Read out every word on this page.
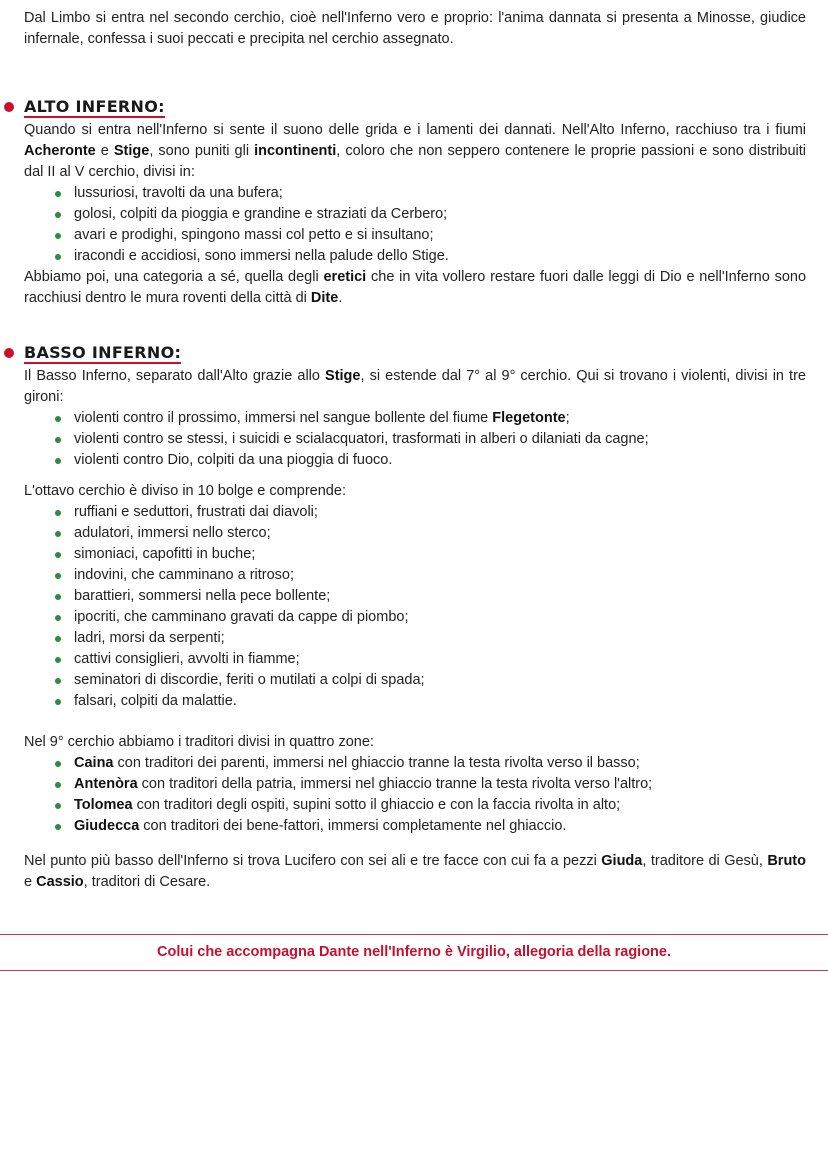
Dal Limbo si entra nel secondo cerchio, cioè nell'Inferno vero e proprio: l'anima dannata si presenta a Minosse, giudice infernale, confessa i suoi peccati e precipita nel cerchio assegnato.

ALTO INFERNO:

Quando si entra nell'Inferno si sente il suono delle grida e i lamenti dei dannati. Nell'Alto Inferno, racchiuso tra i fiumi Acheronte e Stige, sono puniti gli incontinenti, coloro che non seppero contenere le proprie passioni e sono distribuiti dal II al V cerchio, divisi in:

lussuriosi, travolti da una bufera;
golosi, colpiti da pioggia e grandine e straziati da Cerbero;
avari e prodighi, spingono massi col petto e si insultano;
iracondi e accidiosi, sono immersi nella palude dello Stige.

Abbiamo poi, una categoria a sé, quella degli eretici che in vita vollero restare fuori dalle leggi di Dio e nell'Inferno sono racchiusi dentro le mura roventi della città di Dite.

BASSO INFERNO:

Il Basso Inferno, separato dall'Alto grazie allo Stige, si estende dal 7° al 9° cerchio. Qui si trovano i violenti, divisi in tre gironi:

violenti contro il prossimo, immersi nel sangue bollente del fiume Flegetonte;
violenti contro se stessi, i suicidi e scialacquatori, trasformati in alberi o dilaniati da cagne;
violenti contro Dio, colpiti da una pioggia di fuoco.

L'ottavo cerchio è diviso in 10 bolge e comprende:

ruffiani e seduttori, frustrati dai diavoli;
adulatori, immersi nello sterco;
simoniaci, capofitti in buche;
indovini, che camminano a ritroso;
barattieri, sommersi nella pece bollente;
ipocriti, che camminano gravati da cappe di piombo;
ladri, morsi da serpenti;
cattivi consiglieri, avvolti in fiamme;
seminatori di discordie, feriti o mutilati a colpi di spada;
falsari, colpiti da malattie.

Nel 9° cerchio abbiamo i traditori divisi in quattro zone:

Caina con traditori dei parenti, immersi nel ghiaccio tranne la testa rivolta verso il basso;
Antenòra con traditori della patria, immersi nel ghiaccio tranne la testa rivolta verso l'altro;
Tolomea con traditori degli ospiti, supini sotto il ghiaccio e con la faccia rivolta in alto;
Giudecca con traditori dei bene-fattori, immersi completamente nel ghiaccio.

Nel punto più basso dell'Inferno si trova Lucifero con sei ali e tre facce con cui fa a pezzi Giuda, traditore di Gesù, Bruto e Cassio, traditori di Cesare.

Colui che accompagna Dante nell'Inferno è Virgilio, allegoria della ragione.
